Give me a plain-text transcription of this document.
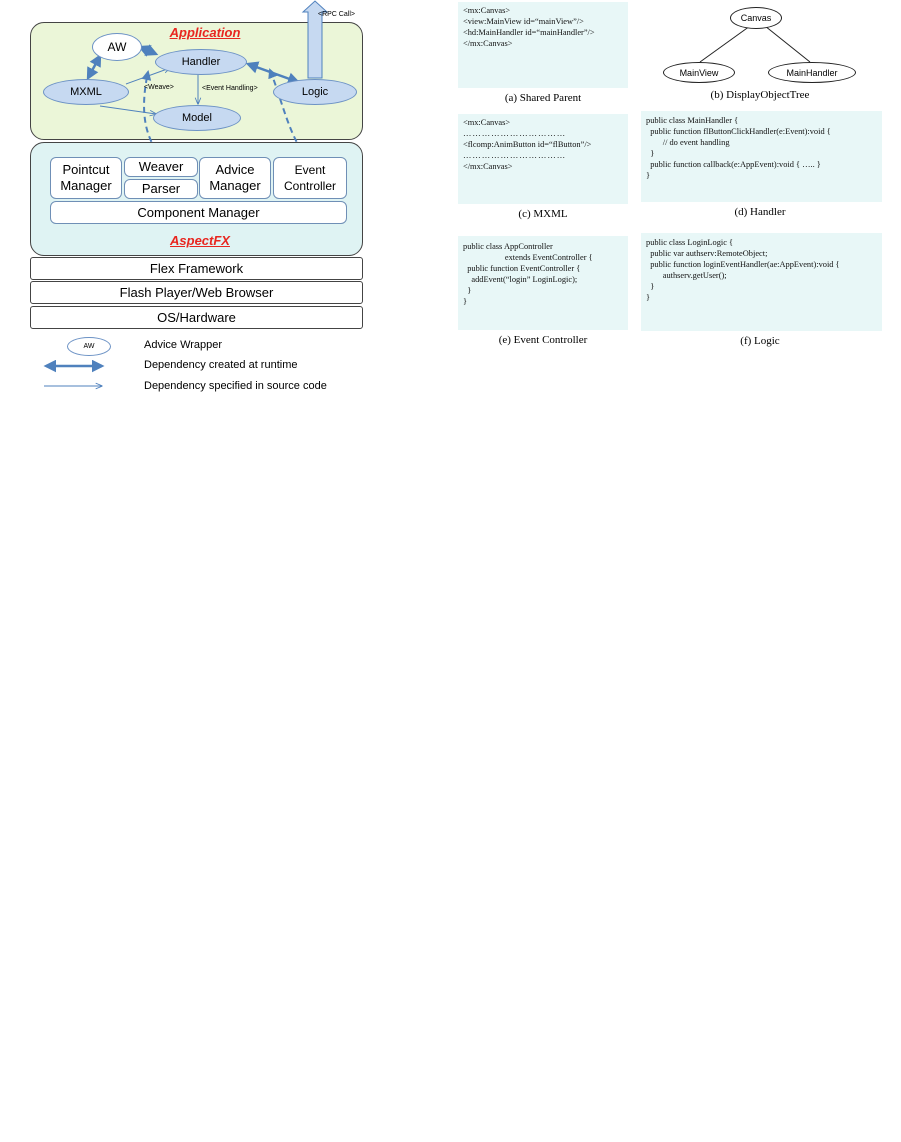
Application
<RPC Call>
AW
Handler
MXML	Logic
Model
<Weave>	<Event Handling>
Pointcut
Manager
Weaver
Parser
Advice
Manager
Event
Controller
Component Manager
AspectFX
Flex Framework
Flash Player/Web Browser
OS/Hardware
AW	Advice Wrapper
Dependency created at runtime
Dependency specified in source code
<mx:Canvas>
<view:MainView id=“mainView”/>
<hd:MainHandler id=“mainHandler”/>
</mx:Canvas>
(a) Shared Parent
Canvas
MainView	MainHandler
(b) DisplayObjectTree
<mx:Canvas>
……………………………
<flcomp:AnimButton id=“flButton”/>
……………………………
</mx:Canvas>
(c) MXML
public class MainHandler {
public function flButtonClickHandler(e:Event):void {
// do event handling
}
public function callback(e:AppEvent):void { ….. }
}
(d) Handler
public class AppController
extends EventController {
public function EventController {
addEvent(“login” LoginLogic);
}
}
(e) Event Controller
public class LoginLogic {
public var authserv:RemoteObject;
public function loginEventHandler(ae:AppEvent):void {
authserv.getUser();
}
}
(f) Logic
